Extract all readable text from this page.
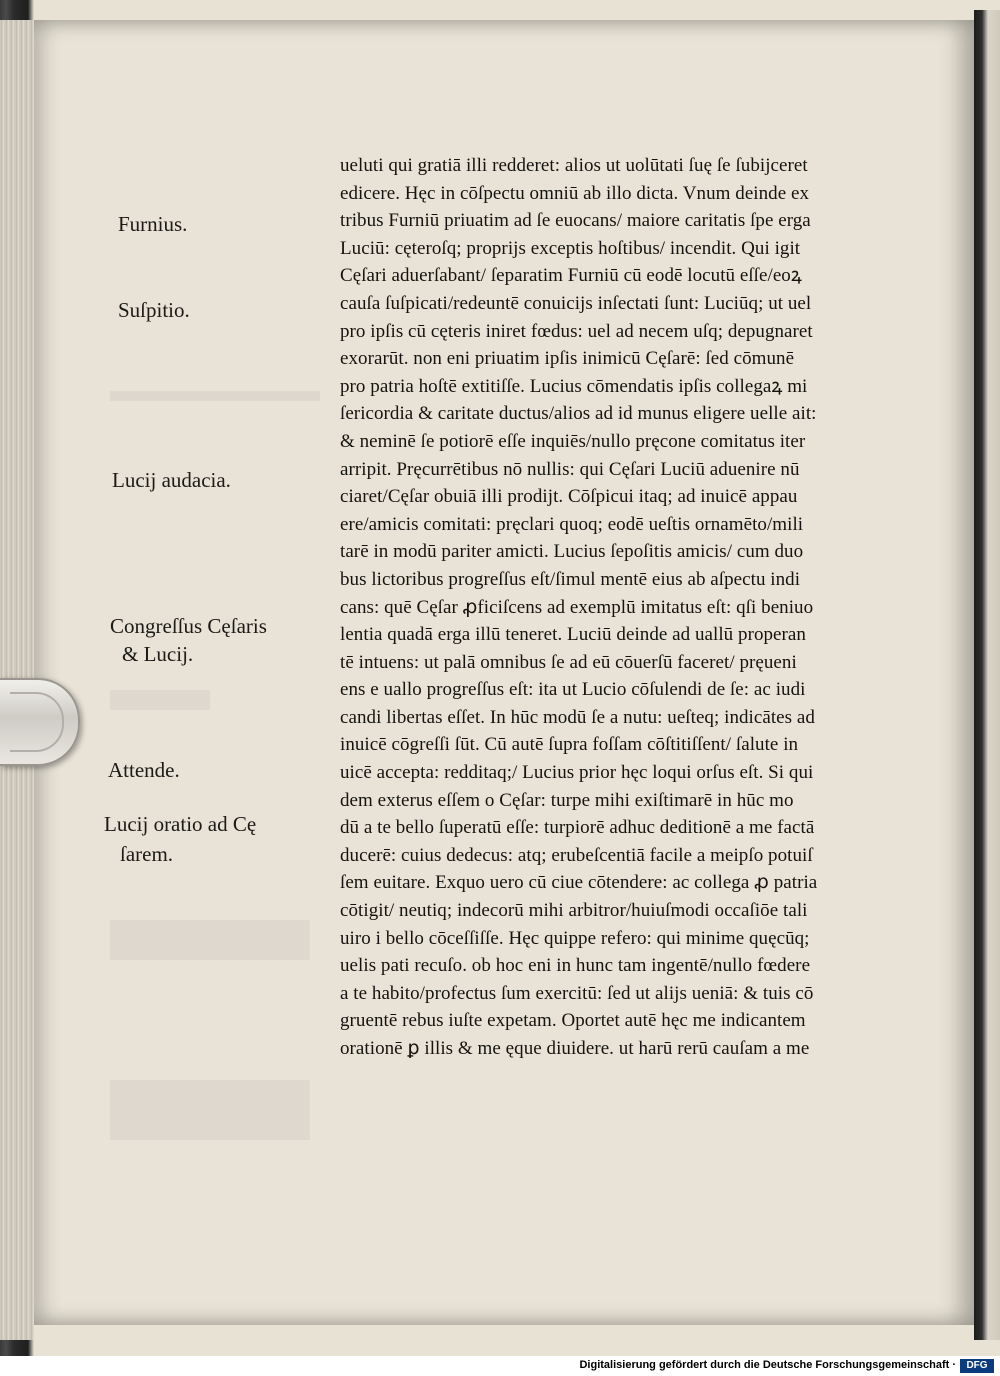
Furnius.
Suſpitio.
Lucij audacia.
Congreſſus Cęſaris
& Lucij.
Attende.
Lucij oratio ad Cę
ſarem.
ueluti qui gratiā illi redderet: alios ut uolūtati ſuę ſe ſubijceret
edicere. Hęc in cōſpectu omniū ab illo dicta. Vnum deinde ex
tribus Furniū priuatim ad ſe euocans/ maiore caritatis ſpe erga
Luciū: cęteroſq; proprijs exceptis hoſtibus/ incendit. Qui igit
Cęſari aduerſabant/ ſeparatim Furniū cū eodē locutū eſſe/eoꝝ
cauſa ſuſpicati/redeuntē conuicijs inſectati ſunt: Luciūq; ut uel
pro ipſis cū cęteris iniret fœdus: uel ad necem uſq; depugnaret
exorarūt. non eni priuatim ipſis inimicū Cęſarē: ſed cōmunē
pro patria hoſtē extitiſſe. Lucius cōmendatis ipſis collegaꝝ mi
ſericordia & caritate ductus/alios ad id munus eligere uelle ait:
& neminē ſe potiorē eſſe inquiēs/nullo pręcone comitatus iter
arripit. Pręcurrētibus nō nullis: qui Cęſari Luciū aduenire nū
ciaret/Cęſar obuiā illi prodijt. Cōſpicui itaq; ad inuicē appau
ere/amicis comitati: pręclari quoq; eodē ueſtis ornamēto/mili
tarē in modū pariter amicti. Lucius ſepoſitis amicis/ cum duo
bus lictoribus progreſſus eſt/ſimul mentē eius ab aſpectu indi
cans: quē Cęſar ꝓficiſcens ad exemplū imitatus eſt: qſi beniuo
lentia quadā erga illū teneret. Luciū deinde ad uallū properan
tē intuens: ut palā omnibus ſe ad eū cōuerſū faceret/ pręueni
ens e uallo progreſſus eſt: ita ut Lucio cōſulendi de ſe: ac iudi
candi libertas eſſet. In hūc modū ſe a nutu: ueſteq; indicātes ad
inuicē cōgreſſi ſūt. Cū autē ſupra foſſam cōſtitiſſent/ ſalute in
uicē accepta: redditaq;/ Lucius prior hęc loqui orſus eſt. Si qui
dem exterus eſſem o Cęſar: turpe mihi exiſtimarē in hūc mo
dū a te bello ſuperatū eſſe: turpiorē adhuc deditionē a me factā
ducerē: cuius dedecus: atq; erubeſcentiā facile a meipſo potuiſ
ſem euitare. Exquo uero cū ciue cōtendere: ac collega ꝓ patria
cōtigit/ neutiq; indecorū mihi arbitror/huiuſmodi occaſiōe tali
uiro i bello cōceſſiſſe. Hęc quippe refero: qui minime quęcūq;
uelis pati recuſo. ob hoc eni in hunc tam ingentē/nullo fœdere
a te habito/profectus ſum exercitū: ſed ut alijs ueniā: & tuis cō
gruentē rebus iuſte expetam. Oportet autē hęc me indicantem
orationē ꝑ illis & me ęque diuidere. ut harū rerū cauſam a me
Digitalisierung gefördert durch die Deutsche Forschungsgemeinschaft ·	DFG
